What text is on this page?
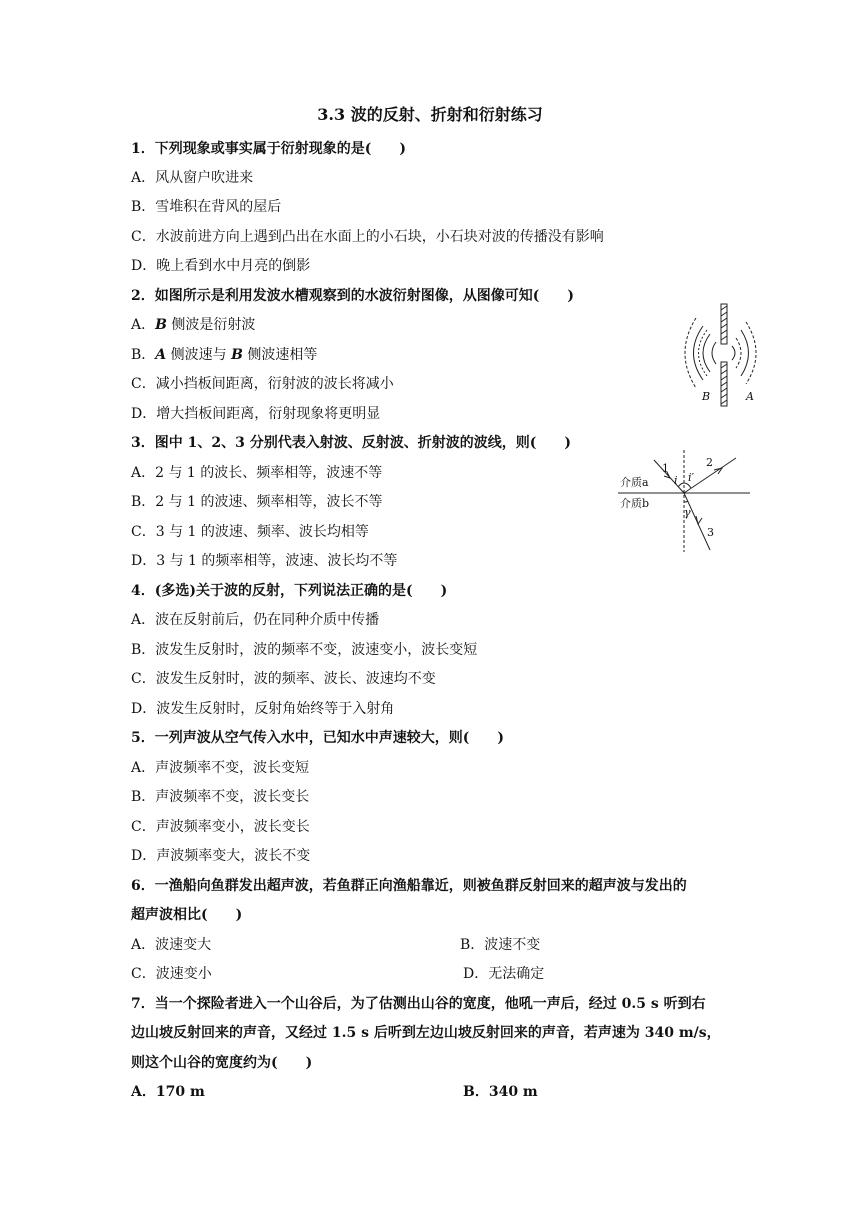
3.3 波的反射、折射和衍射练习
1．下列现象或事实属于衍射现象的是(　　)
A．风从窗户吹进来
B．雪堆积在背风的屋后
C．水波前进方向上遇到凸出在水面上的小石块，小石块对波的传播没有影响
D．晚上看到水中月亮的倒影
2．如图所示是利用发波水槽观察到的水波衍射图像，从图像可知(　　)
A．B 侧波是衍射波
B．A 侧波速与 B 侧波速相等
C．减小挡板间距离，衍射波的波长将减小
D．增大挡板间距离，衍射现象将更明显
B	A
3．图中 1、2、3 分别代表入射波、反射波、折射波的波线，则(　　)
A．2 与 1 的波长、频率相等，波速不等
B．2 与 1 的波速、频率相等，波长不等
C．3 与 1 的波速、频率、波长均相等
D．3 与 1 的频率相等，波速、波长均不等
介质a
介质b
1	2
3
i i′
γ
4．(多选)关于波的反射，下列说法正确的是(　　)
A．波在反射前后，仍在同种介质中传播
B．波发生反射时，波的频率不变，波速变小，波长变短
C．波发生反射时，波的频率、波长、波速均不变
D．波发生反射时，反射角始终等于入射角
5．一列声波从空气传入水中，已知水中声速较大，则(　　)
A．声波频率不变，波长变短
B．声波频率不变，波长变长
C．声波频率变小，波长变长
D．声波频率变大，波长不变
6．一渔船向鱼群发出超声波，若鱼群正向渔船靠近，则被鱼群反射回来的超声波与发出的
超声波相比(　　)
A．波速变大	B．波速不变
C．波速变小	D．无法确定
7．当一个探险者进入一个山谷后，为了估测出山谷的宽度，他吼一声后，经过 0.5 s 听到右
边山坡反射回来的声音，又经过 1.5 s 后听到左边山坡反射回来的声音，若声速为 340 m/s，
则这个山谷的宽度约为(　　)
A．170 m	B．340 m
